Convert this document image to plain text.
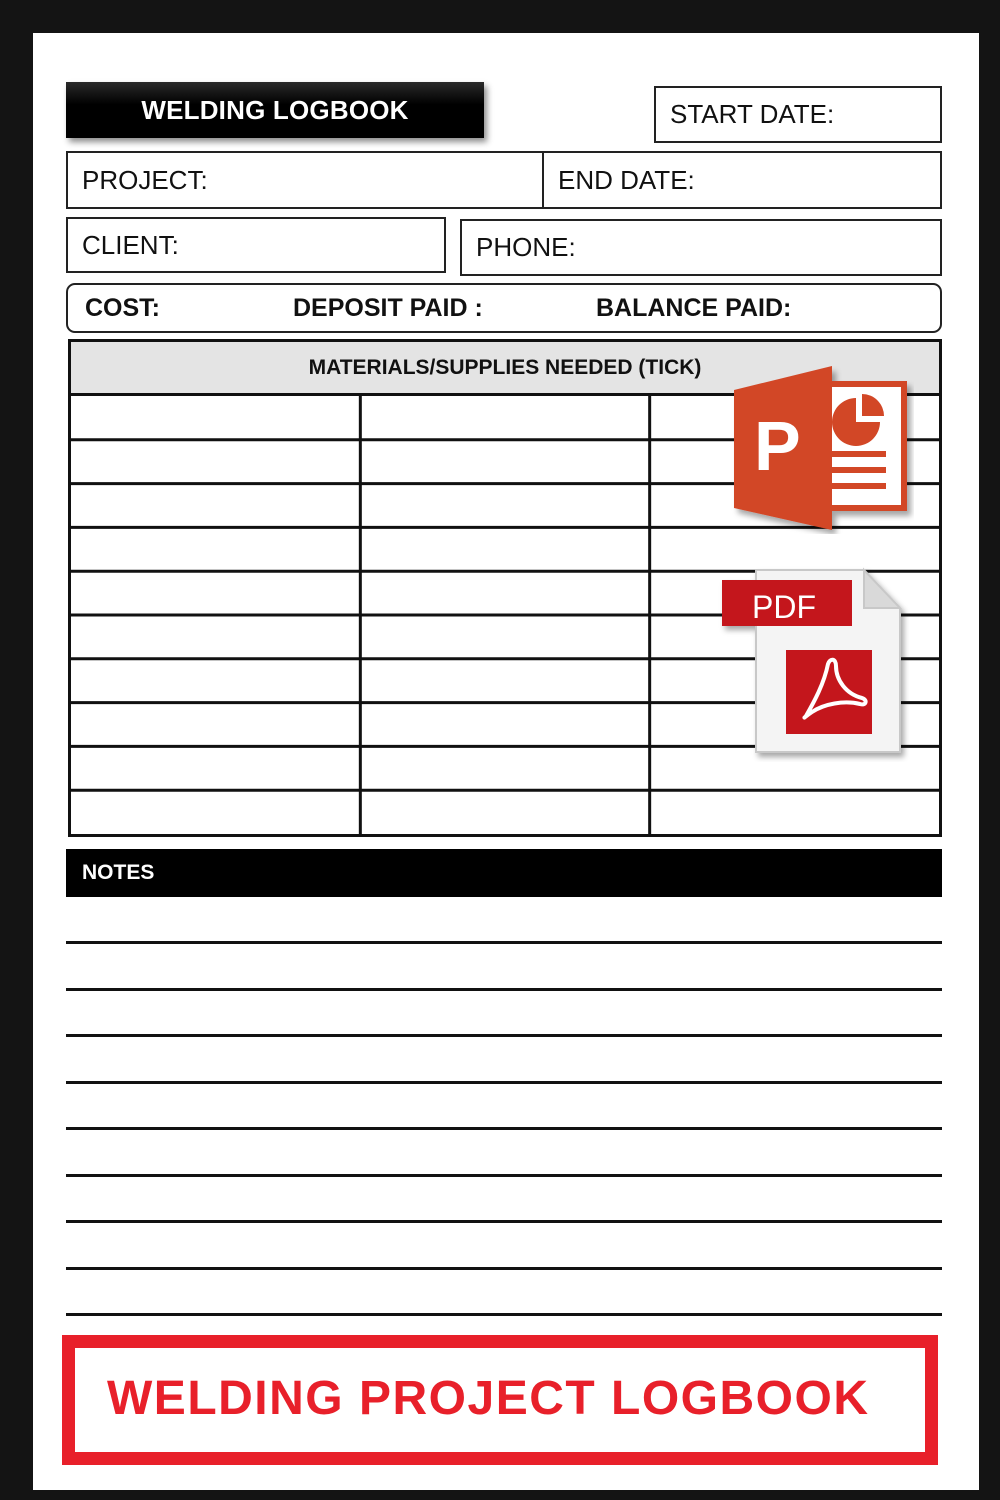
WELDING LOGBOOK	START DATE:
PROJECT:	END DATE:
CLIENT:	PHONE:
COST:	DEPOSIT PAID :	BALANCE PAID:
MATERIALS/SUPPLIES NEEDED (TICK)
NOTES
P
PDF
WELDING PROJECT LOGBOOK
